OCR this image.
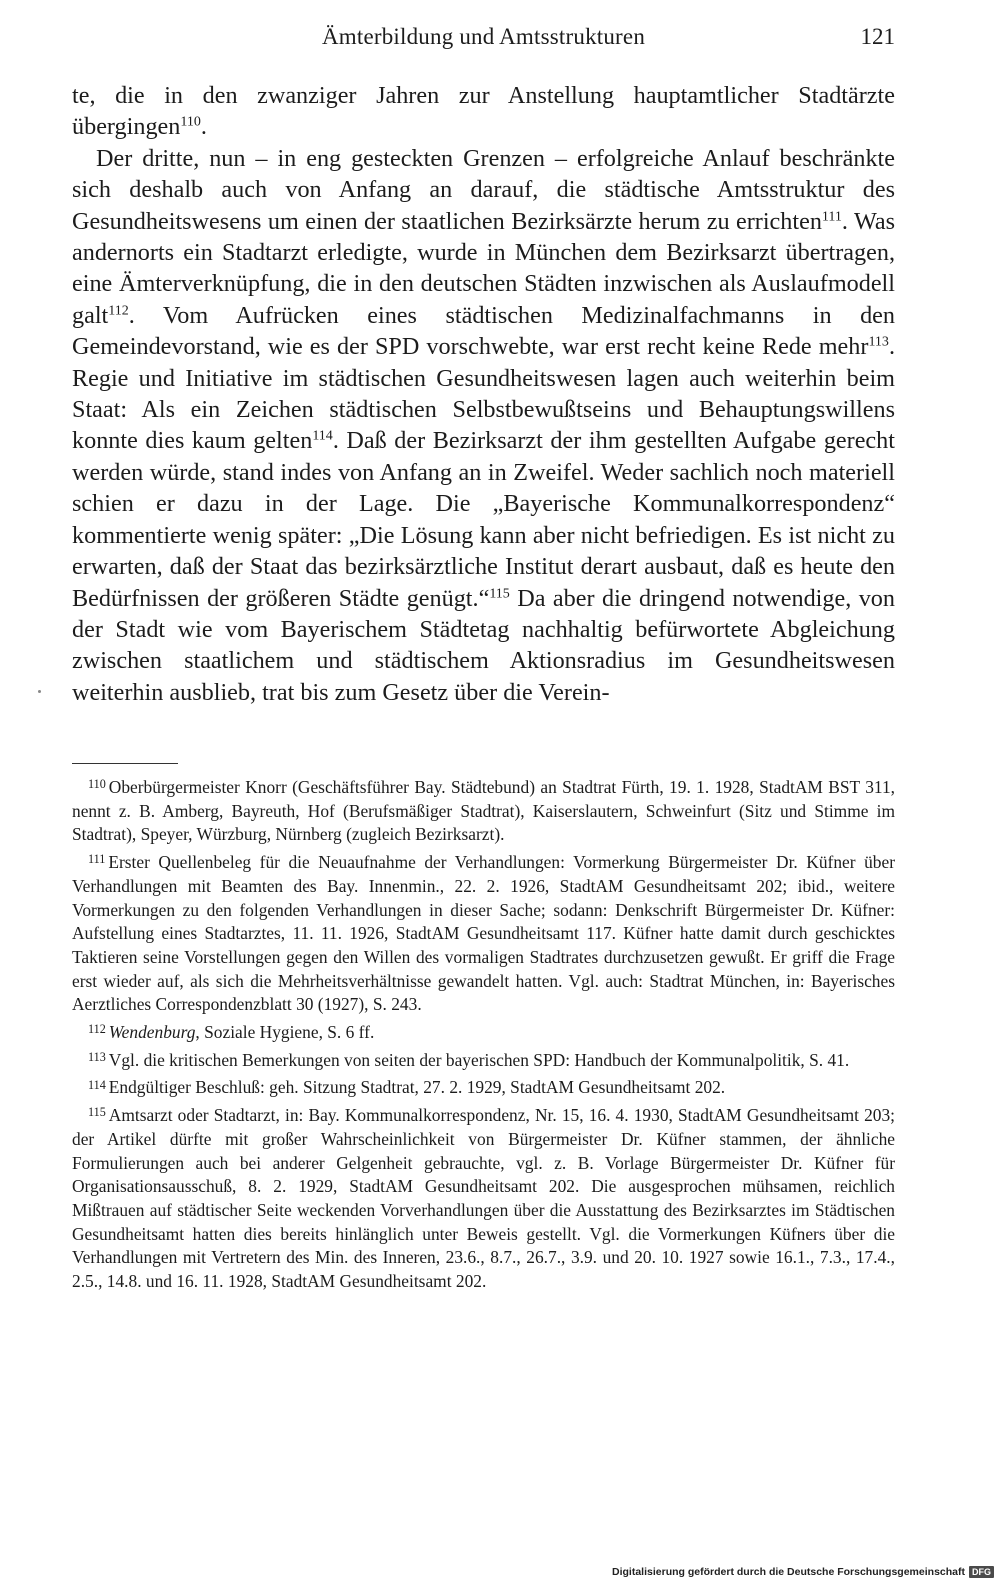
Ämterbildung und Amtsstrukturen	121

te, die in den zwanziger Jahren zur Anstellung hauptamtlicher Stadtärzte übergingen$^{110}$.

Der dritte, nun – in eng gesteckten Grenzen – erfolgreiche Anlauf beschränkte sich deshalb auch von Anfang an darauf, die städtische Amtsstruktur des Gesundheitswesens um einen der staatlichen Bezirksärzte herum zu errichten$^{111}$. Was andernorts ein Stadtarzt erledigte, wurde in München dem Bezirksarzt übertragen, eine Ämterverknüpfung, die in den deutschen Städten inzwischen als Auslaufmodell galt$^{112}$. Vom Aufrücken eines städtischen Medizinalfachmanns in den Gemeindevorstand, wie es der SPD vorschwebte, war erst recht keine Rede mehr$^{113}$. Regie und Initiative im städtischen Gesundheitswesen lagen auch weiterhin beim Staat: Als ein Zeichen städtischen Selbstbewußtseins und Behauptungswillens konnte dies kaum gelten$^{114}$. Daß der Bezirksarzt der ihm gestellten Aufgabe gerecht werden würde, stand indes von Anfang an in Zweifel. Weder sachlich noch materiell schien er dazu in der Lage. Die „Bayerische Kommunalkorrespondenz“ kommentierte wenig später: „Die Lösung kann aber nicht befriedigen. Es ist nicht zu erwarten, daß der Staat das bezirksärztliche Institut derart ausbaut, daß es heute den Bedürfnissen der größeren Städte genügt.“$^{115}$ Da aber die dringend notwendige, von der Stadt wie vom Bayerischem Städtetag nachhaltig befürwortete Abgleichung zwischen staatlichem und städtischem Aktionsradius im Gesundheitswesen weiterhin ausblieb, trat bis zum Gesetz über die Verein-

$^{110}$ Oberbürgermeister Knorr (Geschäftsführer Bay. Städtebund) an Stadtrat Fürth, 19. 1. 1928, StadtAM BST 311, nennt z. B. Amberg, Bayreuth, Hof (Berufsmäßiger Stadtrat), Kaiserslautern, Schweinfurt (Sitz und Stimme im Stadtrat), Speyer, Würzburg, Nürnberg (zugleich Bezirksarzt).

$^{111}$ Erster Quellenbeleg für die Neuaufnahme der Verhandlungen: Vormerkung Bürgermeister Dr. Küfner über Verhandlungen mit Beamten des Bay. Innenmin., 22. 2. 1926, StadtAM Gesundheitsamt 202; ibid., weitere Vormerkungen zu den folgenden Verhandlungen in dieser Sache; sodann: Denkschrift Bürgermeister Dr. Küfner: Aufstellung eines Stadtarztes, 11. 11. 1926, StadtAM Gesundheitsamt 117. Küfner hatte damit durch geschicktes Taktieren seine Vorstellungen gegen den Willen des vormaligen Stadtrates durchzusetzen gewußt. Er griff die Frage erst wieder auf, als sich die Mehrheitsverhältnisse gewandelt hatten. Vgl. auch: Stadtrat München, in: Bayerisches Aerztliches Correspondenzblatt 30 (1927), S. 243.

$^{112}$ Wendenburg, Soziale Hygiene, S. 6 ff.

$^{113}$ Vgl. die kritischen Bemerkungen von seiten der bayerischen SPD: Handbuch der Kommunalpolitik, S. 41.

$^{114}$ Endgültiger Beschluß: geh. Sitzung Stadtrat, 27. 2. 1929, StadtAM Gesundheitsamt 202.

$^{115}$ Amtsarzt oder Stadtarzt, in: Bay. Kommunalkorrespondenz, Nr. 15, 16. 4. 1930, StadtAM Gesundheitsamt 203; der Artikel dürfte mit großer Wahrscheinlichkeit von Bürgermeister Dr. Küfner stammen, der ähnliche Formulierungen auch bei anderer Gelgenheit gebrauchte, vgl. z. B. Vorlage Bürgermeister Dr. Küfner für Organisationsausschuß, 8. 2. 1929, StadtAM Gesundheitsamt 202. Die ausgesprochen mühsamen, reichlich Mißtrauen auf städtischer Seite weckenden Vorverhandlungen über die Ausstattung des Bezirksarztes im Städtischen Gesundheitsamt hatten dies bereits hinlänglich unter Beweis gestellt. Vgl. die Vormerkungen Küfners über die Verhandlungen mit Vertretern des Min. des Inneren, 23.6., 8.7., 26.7., 3.9. und 20. 10. 1927 sowie 16.1., 7.3., 17.4., 2.5., 14.8. und 16. 11. 1928, StadtAM Gesundheitsamt 202.

Digitalisierung gefördert durch die Deutsche Forschungsgemeinschaft DFG
